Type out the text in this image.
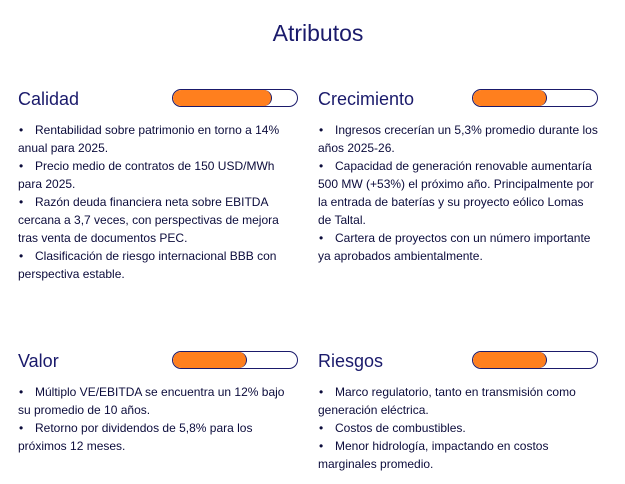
Atributos
Calidad
• Rentabilidad sobre patrimonio en torno a 14% anual para 2025.
• Precio medio de contratos de 150 USD/MWh para 2025.
• Razón deuda financiera neta sobre EBITDA cercana a 3,7 veces, con perspectivas de mejora tras venta de documentos PEC.
• Clasificación de riesgo internacional BBB con perspectiva estable.
Crecimiento
• Ingresos crecerían un 5,3% promedio durante los años 2025-26.
• Capacidad de generación renovable aumentaría 500 MW (+53%) el próximo año. Principalmente por la entrada de baterías y su proyecto eólico Lomas de Taltal.
• Cartera de proyectos con un número importante ya aprobados ambientalmente.
Valor
• Múltiplo VE/EBITDA se encuentra un 12% bajo su promedio de 10 años.
• Retorno por dividendos de 5,8% para los próximos 12 meses.
Riesgos
• Marco regulatorio, tanto en transmisión como generación eléctrica.
• Costos de combustibles.
• Menor hidrología, impactando en costos marginales promedio.
